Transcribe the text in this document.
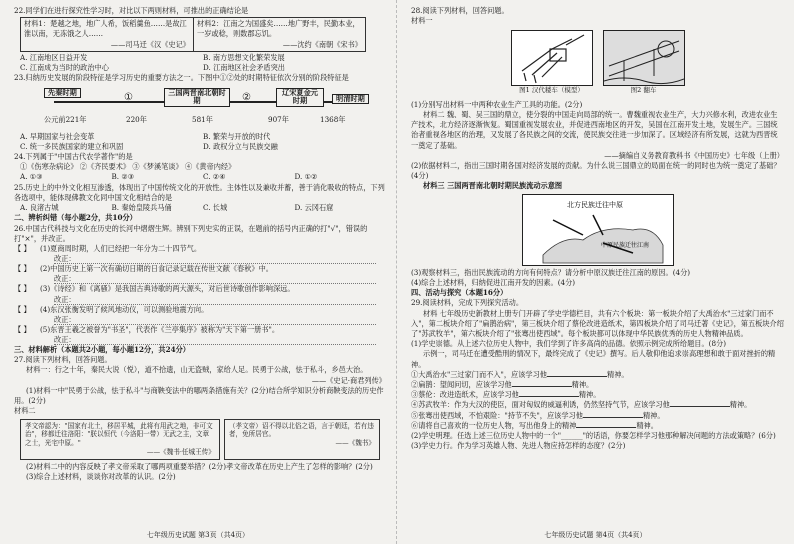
22.同学们在进行探究性学习时，对比以下两则材料，可推出的正确结论是

材料1：楚越之地，地广人希，饭稻羹鱼……是故江淮以南，无冻饿之人……
——司马迁《汉《史记》
材料2：江南之为国盛矣……地广野丰，民勤本业，一岁或稔，则数郡忘饥。
——沈约《南朝《宋书》
A. 江南地区日益开发	B. 南方思想文化繁荣发展
C. 江南成为当时的政治中心	D. 江南地区社会矛盾突出

23.归纳历史发展的阶段特征是学习历史的重要方法之一。下图中①②处的时期特征依次分别的阶段特征是

先秦时期	①	三国两晋南北朝时期	②	辽宋夏金元时期	明清时期
公元前221年	220年	581年	907年	1368年
A. 早期国家与社会变革	B. 繁荣与开放的时代
C. 统一多民族国家的建立和巩固	D. 政权分立与民族交融

24.下列属于"中国古代农学著作"的是

①《伤寒杂病论》 ②《齐民要术》 ③《梦溪笔谈》 ④《黄帝内经》

A. ①③	B. ②③	C. ②④	D. ①②

25.历史上的中外文化相互渗透，体现出了中国传统文化的开放性。主体性以及兼收并蓄，善于消化吸收的特点，下列各选项中，能体现佛教文化同中国文化相结合的是

A. 良渚古城	B. 秦始皇陵兵马俑	C. 长城	D. 云冈石窟

二、辨析纠错（每小题2分，共10分）

26.中国古代科技与文化在历史的长河中熠熠生辉。辨别下列史实的正误，在题前的括号内正确的打"√"，错误的打"×"，并改正。

【 】	(1)夏商周时期，人们已经把一年分为二十四节气。
改正：
【 】	(2)中国历史上第一次有确切日期的日食记录记载在传世文献《春秋》中。
改正：
【 】	(3)《诗经》和《离骚》是我国古典诗歌的两大源头，对后世诗歌创作影响深远。
改正：
【 】	(4)东汉张衡发明了候风地动仪，可以测验地震方向。
改正：
【 】	(5)东晋王羲之被誉为"书圣"，代表作《兰亭集序》被称为"天下第一册书"。
改正：

三、材料解析（本题共2小题，每小题12分，共24分）

27.阅读下列材料，回答问题。

材料一：行之十年，秦民大说（悦），道不拾遗，山无盗贼，家给人足。民勇于公战，怯于私斗，乡邑大治。

——《史记·商君列传》

(1)材料一中"民勇于公战，怯于私斗"与商鞅变法中的哪两条措施有关？(2分)结合所学知识分析商鞅变法的历史作用。(2分)

材料二

孝文帝認为："国家有北土，移居平城，此将有用武之地，非可文治"，移都迁往洛阳："朕以恒代（今洛阳一带）无武之主，文章之士，光宅中原。"
——《魏书·任城王传》
（孝文帝）诏不得以北俗之语，言于朝廷，若有违者，免所居官。
——《魏书》

(2)材料二中的内容反映了孝文帝采取了哪两项重要举措？(2分)孝文帝改革在历史上产生了怎样的影响？(2分)

(3)综合上述材料，谈谈你对改革的认识。(2分)

七年级历史试题 第3页（共4页）

28.阅读下列材料，回答问题。

材料一

图1 汉代耧车（模型）	图2 翻车

(1)分别写出材料一中两种农业生产工具的功能。(2分)

材料二 魏、蜀、吴三国的鼎立，使分裂的中国走向局部的统一。曹魏重视农业生产，大力兴修水利，改进农业生产技术，北方经济逐渐恢复。蜀国重视发展农业，并促进西南地区的开发，吴国在江南开发土地，发展生产。三国统治者重视各地区的治理，又发展了各民族之间的交流，使民族交往进一步加深了。区域经济有所发展，这就为西晋统一奠定了基础。

——摘编自义务教育教科书《中国历史》七年级（上册）

(2)依据材料二，指出三国时期各国对经济发展的贡献。为什么说三国鼎立的局面在统一的同时也为统一奠定了基础？(4分)

材料三 三国两晋南北朝时期民族流动示意图

北方民族迁往中原
中原民族迁往江南

(3)观察材料三，指出民族流动的方向有何特点？请分析中原汉族迁往江南的原因。(4分)

(4)综合上述材料，归纳促进江南开发的因素。(4分)

四、活动与探究（本题16分）

29.阅读材料，完成下列探究活动。

材料 七年级历史新教材上册专门开辟了学史学德栏目，共有六个板块：第一板块介绍了大禹治水"三过家门而不入"，第二板块介绍了"扁鹊治病"，第三板块介绍了蔡伦改进造纸术，第四板块介绍了司马迁著《史记》，第五板块介绍了"苏武牧羊"，第六板块介绍了"张骞出使西域"。每个板块都可以体现中华民族优秀的历史人物精神品质。

(1)学史崇德。从上述六位历史人物中，我们学到了许多高尚的品德。依照示例完成所给题目。(8分)

示例一，司马迁在遭受酷刑的情况下，最终完成了《史记》撰写。后人敬仰他追求崇高理想和敢于面对挫折的精神。

①大禹治水"三过家门而不入"，应该学习他	精神。
②扁鹊：望闻问切，应该学习他	精神。
③蔡伦：改进造纸术，应该学习他	精神。
④苏武牧羊：作为大汉的使臣，面对匈奴的威逼利诱，仍然坚持气节，应该学习他	精神。
⑤张骞出使西域，不怕艰险："持节不失"，应该学习他	精神。
⑥请将自己喜欢的一位历史人物，写出他身上的精神	精神。

(2)学史明理。任选上述三位历史人物中的一个"______"的话语，你要怎样学习他那种解决问题的方法或策略？(6分)

(3)学史力行。作为学习英雄人物、先进人物应持怎样的态度？(2分)

七年级历史试题 第4页（共4页）
